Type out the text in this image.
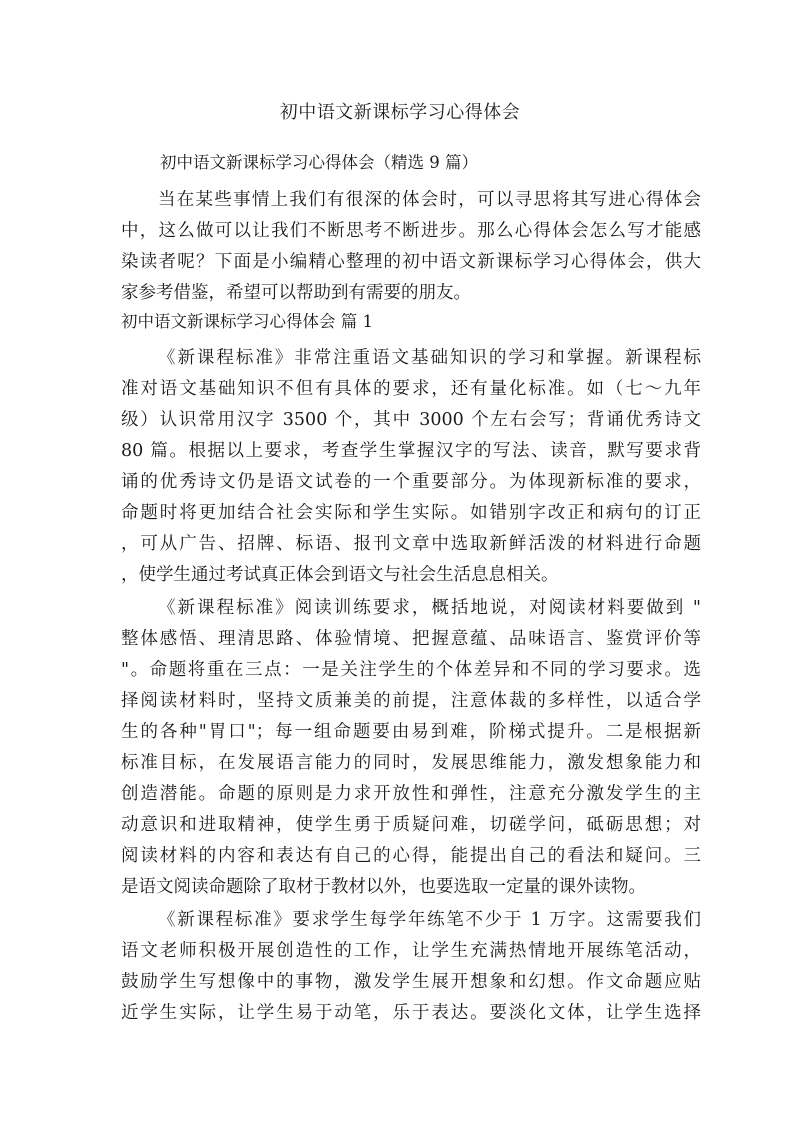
初中语文新课标学习心得体会
初中语文新课标学习心得体会（精选 9 篇）
当在某些事情上我们有很深的体会时，可以寻思将其写进心得体会
中，这么做可以让我们不断思考不断进步。那么心得体会怎么写才能感
染读者呢？下面是小编精心整理的初中语文新课标学习心得体会，供大
家参考借鉴，希望可以帮助到有需要的朋友。
初中语文新课标学习心得体会 篇 1
《新课程标准》非常注重语文基础知识的学习和掌握。新课程标
准对语文基础知识不但有具体的要求，还有量化标准。如（七～九年
级）认识常用汉字 3500 个，其中 3000 个左右会写；背诵优秀诗文
80 篇。根据以上要求，考查学生掌握汉字的写法、读音，默写要求背
诵的优秀诗文仍是语文试卷的一个重要部分。为体现新标准的要求，
命题时将更加结合社会实际和学生实际。如错别字改正和病句的订正
，可从广告、招牌、标语、报刊文章中选取新鲜活泼的材料进行命题
，使学生通过考试真正体会到语文与社会生活息息相关。
《新课程标准》阅读训练要求，概括地说，对阅读材料要做到 "
整体感悟、理清思路、体验情境、把握意蕴、品味语言、鉴赏评价等
"。命题将重在三点：一是关注学生的个体差异和不同的学习要求。选
择阅读材料时，坚持文质兼美的前提，注意体裁的多样性，以适合学
生的各种"胃口"；每一组命题要由易到难，阶梯式提升。二是根据新
标准目标，在发展语言能力的同时，发展思维能力，激发想象能力和
创造潜能。命题的原则是力求开放性和弹性，注意充分激发学生的主
动意识和进取精神，使学生勇于质疑问难，切磋学问，砥砺思想；对
阅读材料的内容和表达有自己的心得，能提出自己的看法和疑问。三
是语文阅读命题除了取材于教材以外，也要选取一定量的课外读物。
《新课程标准》要求学生每学年练笔不少于 1 万字。这需要我们
语文老师积极开展创造性的工作，让学生充满热情地开展练笔活动，
鼓励学生写想像中的事物，激发学生展开想象和幻想。作文命题应贴
近学生实际，让学生易于动笔，乐于表达。要淡化文体，让学生选择
